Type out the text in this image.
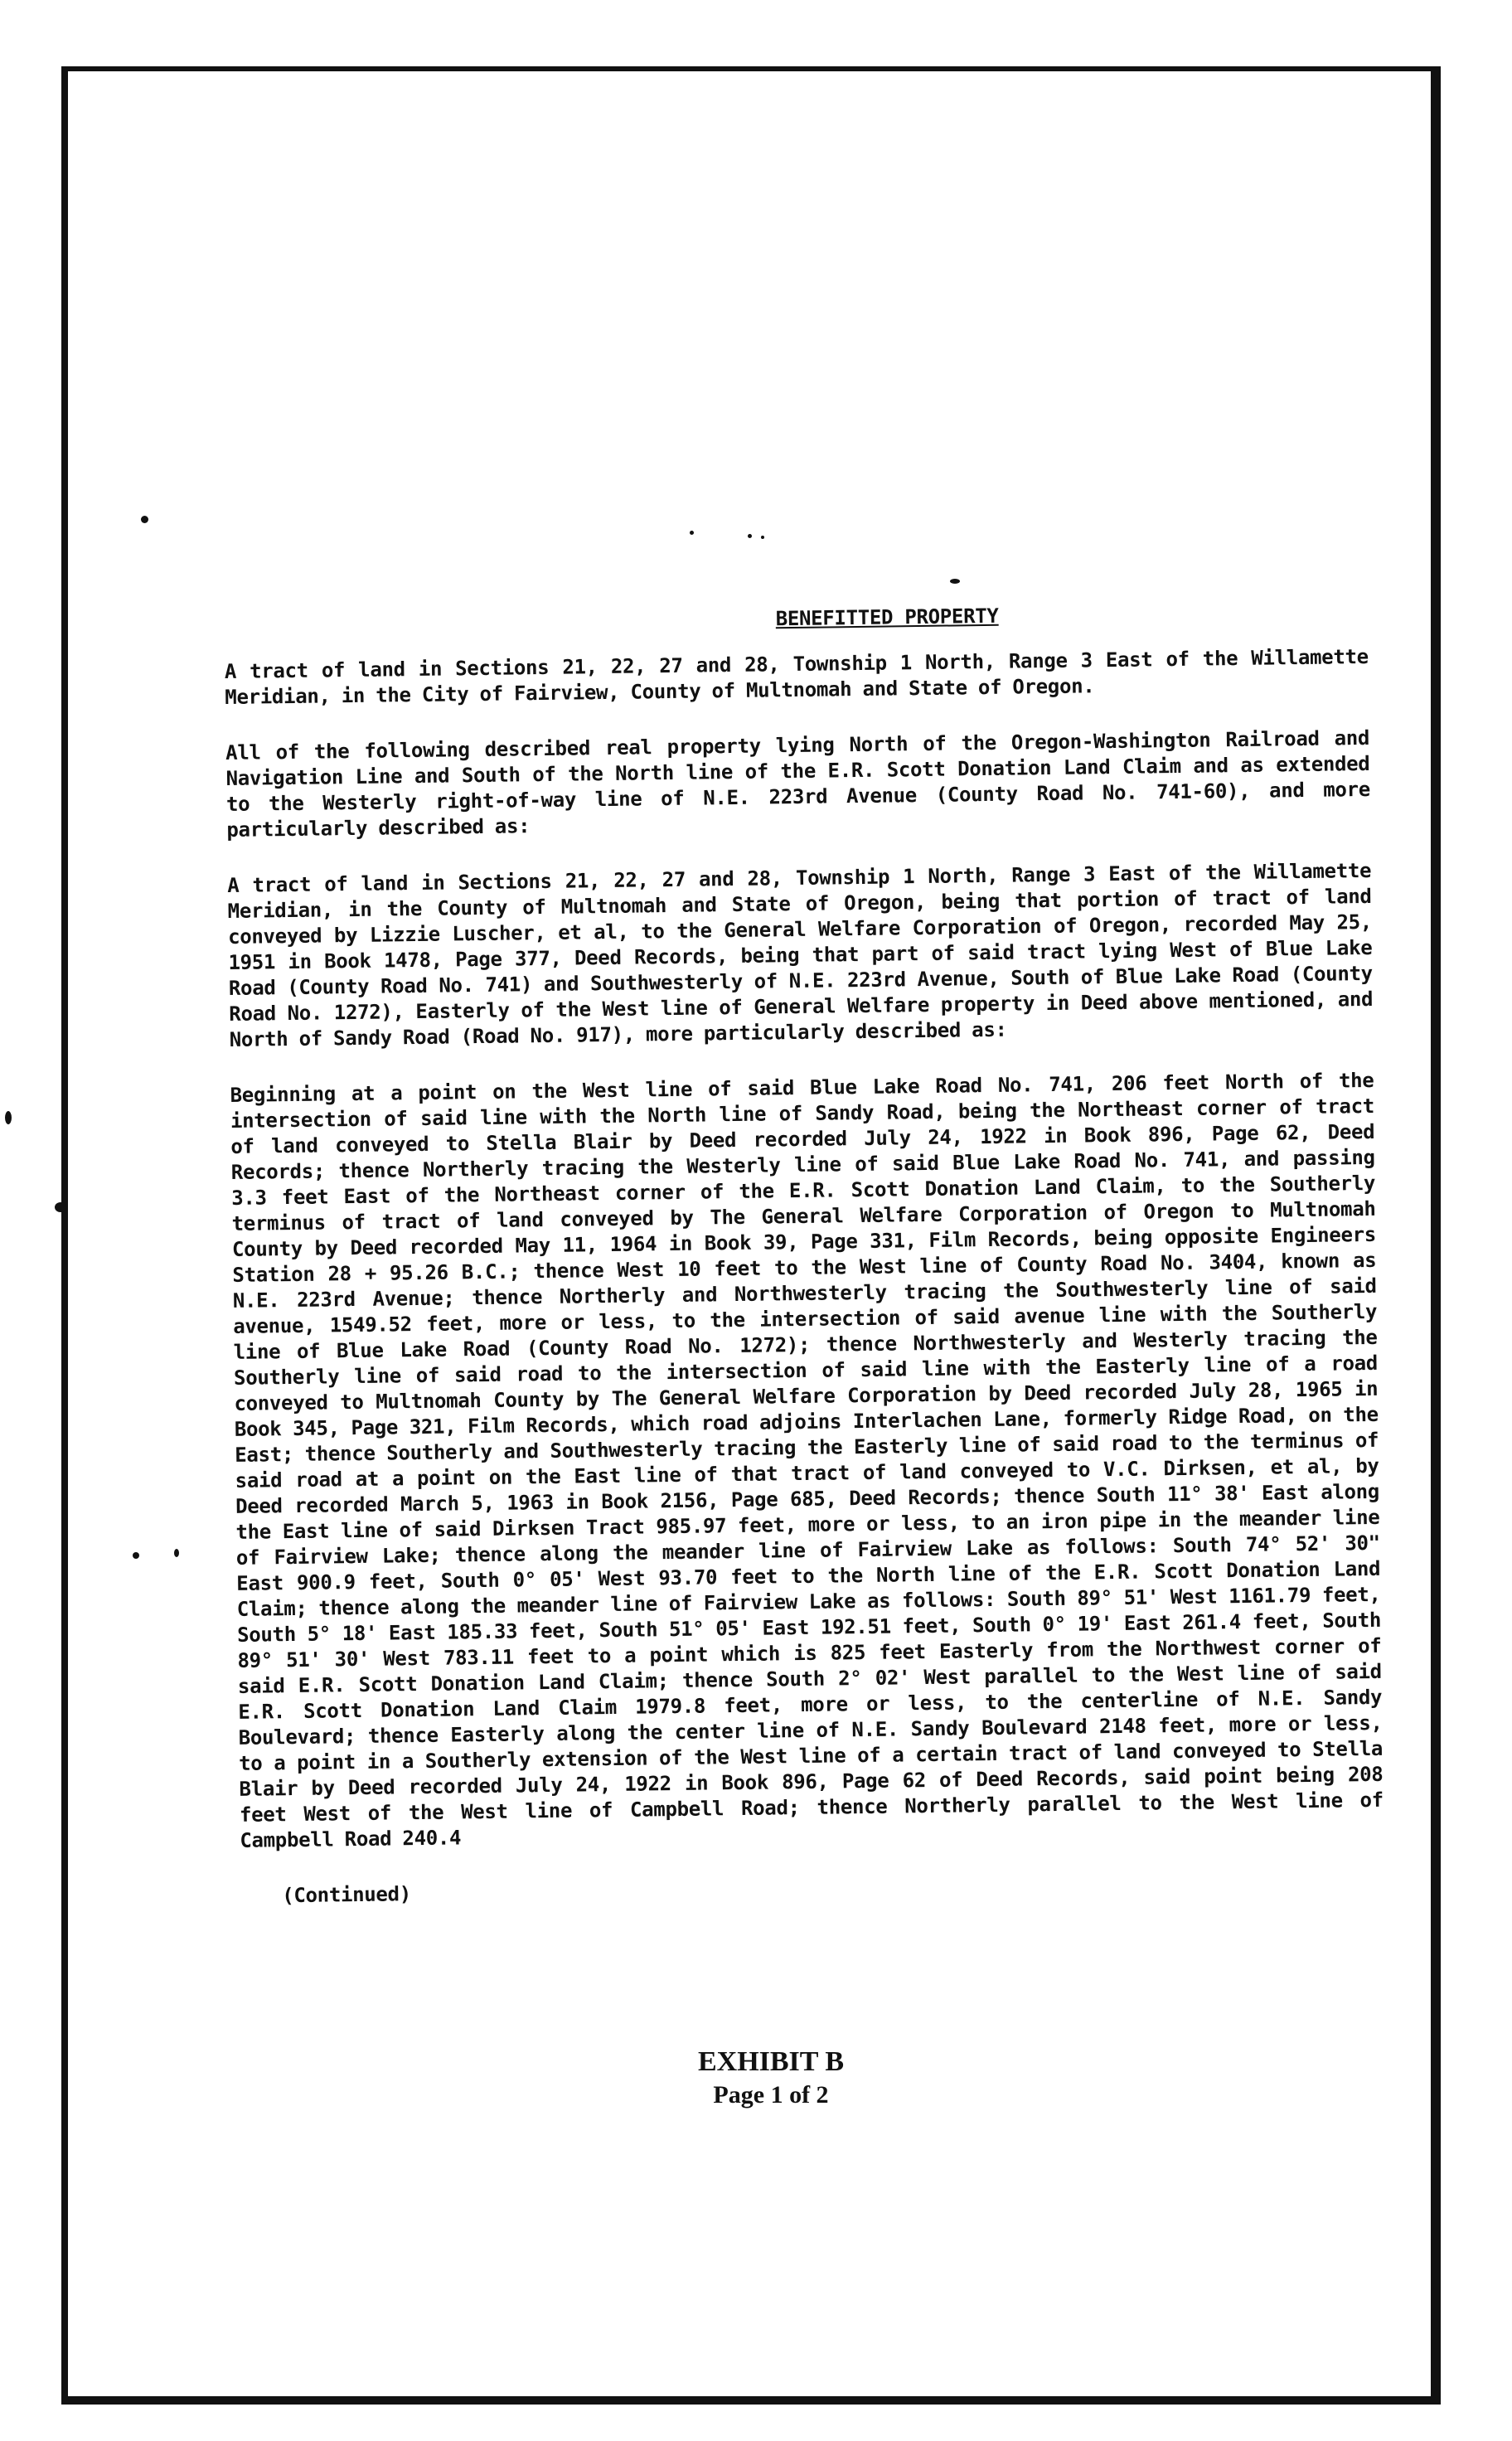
BENEFITTED PROPERTY
A tract of land in Sections 21, 22, 27 and 28, Township 1 North, Range 3 East of the Willamette Meridian, in the City of Fairview, County of Multnomah and State of Oregon.
All of the following described real property lying North of the Oregon-Washington Railroad and Navigation Line and South of the North line of the E.R. Scott Donation Land Claim and as extended to the Westerly right-of-way line of N.E. 223rd Avenue (County Road No. 741-60), and more particularly described as:
A tract of land in Sections 21, 22, 27 and 28, Township 1 North, Range 3 East of the Willamette Meridian, in the County of Multnomah and State of Oregon, being that portion of tract of land conveyed by Lizzie Luscher, et al, to the General Welfare Corporation of Oregon, recorded May 25, 1951 in Book 1478, Page 377, Deed Records, being that part of said tract lying West of Blue Lake Road (County Road No. 741) and Southwesterly of N.E. 223rd Avenue, South of Blue Lake Road (County Road No. 1272), Easterly of the West line of General Welfare property in Deed above mentioned, and North of Sandy Road (Road No. 917), more particularly described as:
Beginning at a point on the West line of said Blue Lake Road No. 741, 206 feet North of the intersection of said line with the North line of Sandy Road, being the Northeast corner of tract of land conveyed to Stella Blair by Deed recorded July 24, 1922 in Book 896, Page 62, Deed Records; thence Northerly tracing the Westerly line of said Blue Lake Road No. 741, and passing 3.3 feet East of the Northeast corner of the E.R. Scott Donation Land Claim, to the Southerly terminus of tract of land conveyed by The General Welfare Corporation of Oregon to Multnomah County by Deed recorded May 11, 1964 in Book 39, Page 331, Film Records, being opposite Engineers Station 28 + 95.26 B.C.; thence West 10 feet to the West line of County Road No. 3404, known as N.E. 223rd Avenue; thence Northerly and Northwesterly tracing the Southwesterly line of said avenue, 1549.52 feet, more or less, to the intersection of said avenue line with the Southerly line of Blue Lake Road (County Road No. 1272); thence Northwesterly and Westerly tracing the Southerly line of said road to the intersection of said line with the Easterly line of a road conveyed to Multnomah County by The General Welfare Corporation by Deed recorded July 28, 1965 in Book 345, Page 321, Film Records, which road adjoins Interlachen Lane, formerly Ridge Road, on the East; thence Southerly and Southwesterly tracing the Easterly line of said road to the terminus of said road at a point on the East line of that tract of land conveyed to V.C. Dirksen, et al, by Deed recorded March 5, 1963 in Book 2156, Page 685, Deed Records; thence South 11° 38' East along the East line of said Dirksen Tract 985.97 feet, more or less, to an iron pipe in the meander line of Fairview Lake; thence along the meander line of Fairview Lake as follows: South 74° 52' 30" East 900.9 feet, South 0° 05' West 93.70 feet to the North line of the E.R. Scott Donation Land Claim; thence along the meander line of Fairview Lake as follows: South 89° 51' West 1161.79 feet, South 5° 18' East 185.33 feet, South 51° 05' East 192.51 feet, South 0° 19' East 261.4 feet, South 89° 51' 30' West 783.11 feet to a point which is 825 feet Easterly from the Northwest corner of said E.R. Scott Donation Land Claim; thence South 2° 02' West parallel to the West line of said E.R. Scott Donation Land Claim 1979.8 feet, more or less, to the centerline of N.E. Sandy Boulevard; thence Easterly along the center line of N.E. Sandy Boulevard 2148 feet, more or less, to a point in a Southerly extension of the West line of a certain tract of land conveyed to Stella Blair by Deed recorded July 24, 1922 in Book 896, Page 62 of Deed Records, said point being 208 feet West of the West line of Campbell Road; thence Northerly parallel to the West line of Campbell Road 240.4
(Continued)
EXHIBIT B
Page 1 of 2
